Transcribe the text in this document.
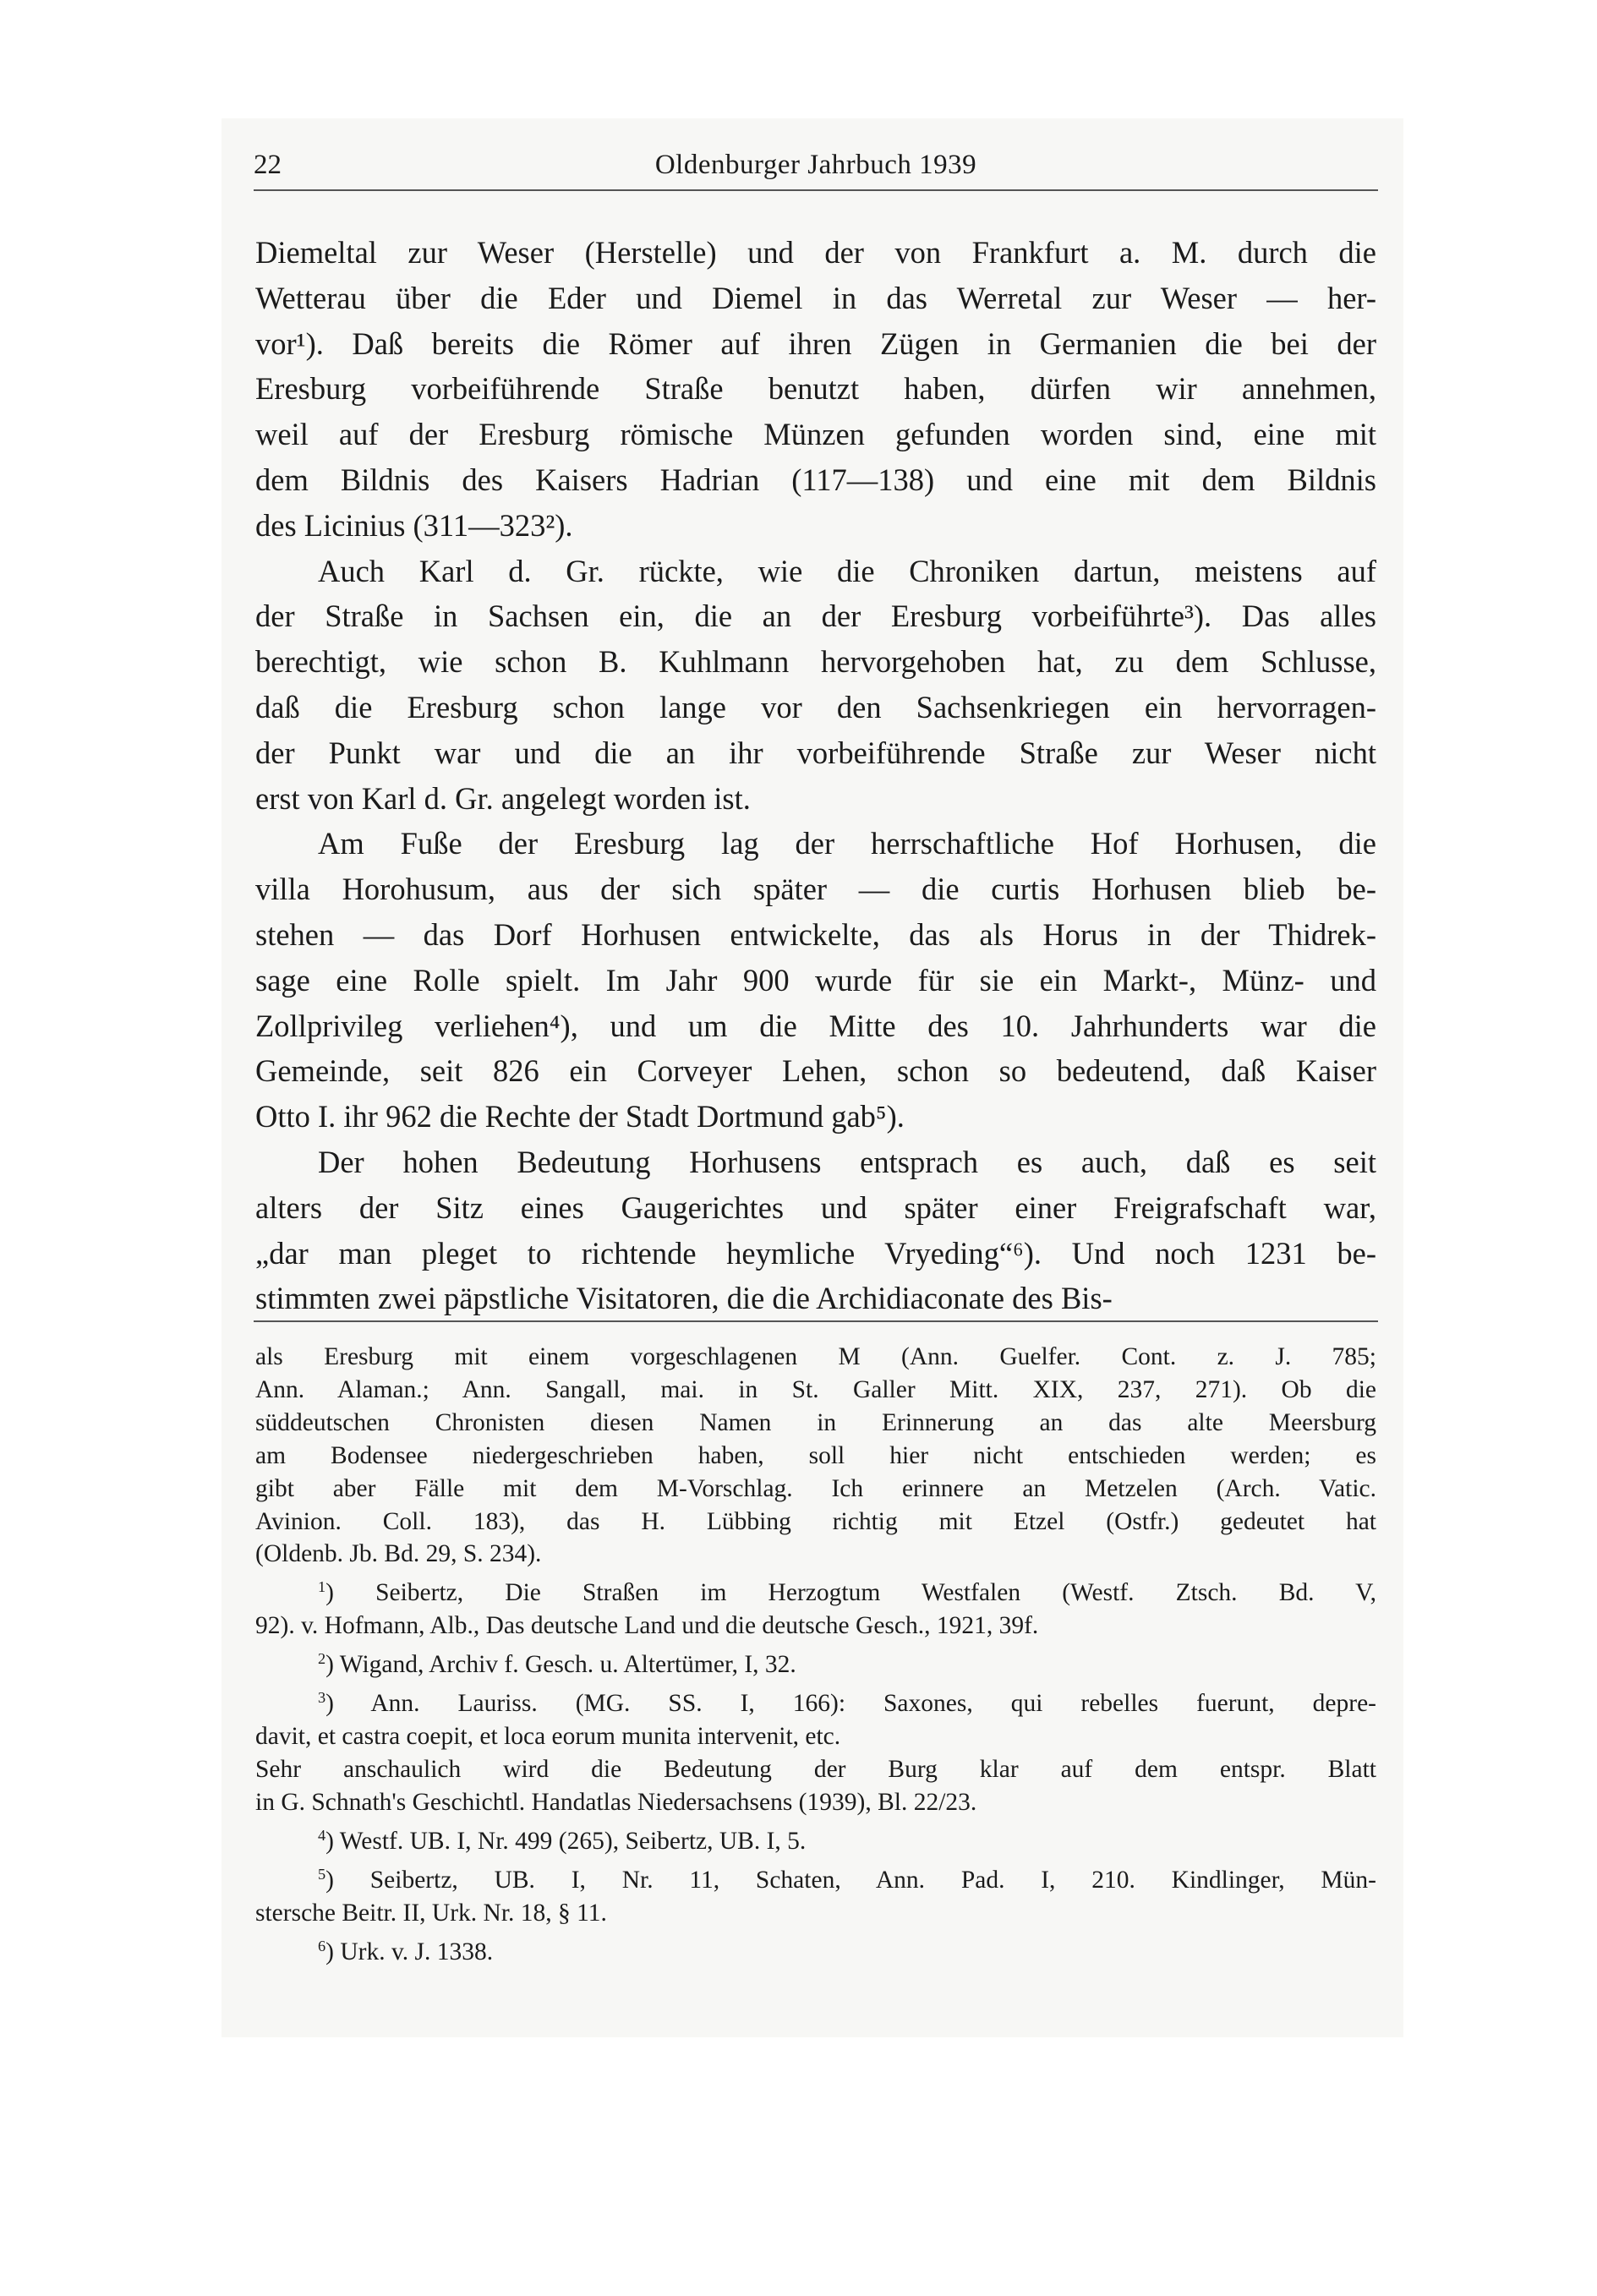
22	Oldenburger Jahrbuch 1939
Diemeltal zur Weser (Herstelle) und der von Frankfurt a. M. durch die
Wetterau über die Eder und Diemel in das Werretal zur Weser — her-
vor¹). Daß bereits die Römer auf ihren Zügen in Germanien die bei der
Eresburg vorbeiführende Straße benutzt haben, dürfen wir annehmen,
weil auf der Eresburg römische Münzen gefunden worden sind, eine mit
dem Bildnis des Kaisers Hadrian (117—138) und eine mit dem Bildnis
des Licinius (311—323²).
Auch Karl d. Gr. rückte, wie die Chroniken dartun, meistens auf
der Straße in Sachsen ein, die an der Eresburg vorbeiführte³). Das alles
berechtigt, wie schon B. Kuhlmann hervorgehoben hat, zu dem Schlusse,
daß die Eresburg schon lange vor den Sachsenkriegen ein hervorragen-
der Punkt war und die an ihr vorbeiführende Straße zur Weser nicht
erst von Karl d. Gr. angelegt worden ist.
Am Fuße der Eresburg lag der herrschaftliche Hof Horhusen, die
villa Horohusum, aus der sich später — die curtis Horhusen blieb be-
stehen — das Dorf Horhusen entwickelte, das als Horus in der Thidrek-
sage eine Rolle spielt. Im Jahr 900 wurde für sie ein Markt-, Münz- und
Zollprivileg verliehen⁴), und um die Mitte des 10. Jahrhunderts war die
Gemeinde, seit 826 ein Corveyer Lehen, schon so bedeutend, daß Kaiser
Otto I. ihr 962 die Rechte der Stadt Dortmund gab⁵).
Der hohen Bedeutung Horhusens entsprach es auch, daß es seit
alters der Sitz eines Gaugerichtes und später einer Freigrafschaft war,
„dar man pleget to richtende heymliche Vryeding“⁶). Und noch 1231 be-
stimmten zwei päpstliche Visitatoren, die die Archidiaconate des Bis-
als Eresburg mit einem vorgeschlagenen M (Ann. Guelfer. Cont. z. J. 785;
Ann. Alaman.; Ann. Sangall, mai. in St. Galler Mitt. XIX, 237, 271). Ob die
süddeutschen Chronisten diesen Namen in Erinnerung an das alte Meersburg
am Bodensee niedergeschrieben haben, soll hier nicht entschieden werden; es
gibt aber Fälle mit dem M-Vorschlag. Ich erinnere an Metzelen (Arch. Vatic.
Avinion. Coll. 183), das H. Lübbing richtig mit Etzel (Ostfr.) gedeutet hat
(Oldenb. Jb. Bd. 29, S. 234).
$^1$) Seibertz, Die Straßen im Herzogtum Westfalen (Westf. Ztsch. Bd. V,
92). v. Hofmann, Alb., Das deutsche Land und die deutsche Gesch., 1921, 39f.
$^2$) Wigand, Archiv f. Gesch. u. Altertümer, I, 32.
$^3$) Ann. Lauriss. (MG. SS. I, 166): Saxones, qui rebelles fuerunt, depre-
davit, et castra coepit, et loca eorum munita intervenit, etc.
Sehr anschaulich wird die Bedeutung der Burg klar auf dem entspr. Blatt
in G. Schnath's Geschichtl. Handatlas Niedersachsens (1939), Bl. 22/23.
$^4$) Westf. UB. I, Nr. 499 (265), Seibertz, UB. I, 5.
$^5$) Seibertz, UB. I, Nr. 11, Schaten, Ann. Pad. I, 210. Kindlinger, Mün-
stersche Beitr. II, Urk. Nr. 18, § 11.
$^6$) Urk. v. J. 1338.
